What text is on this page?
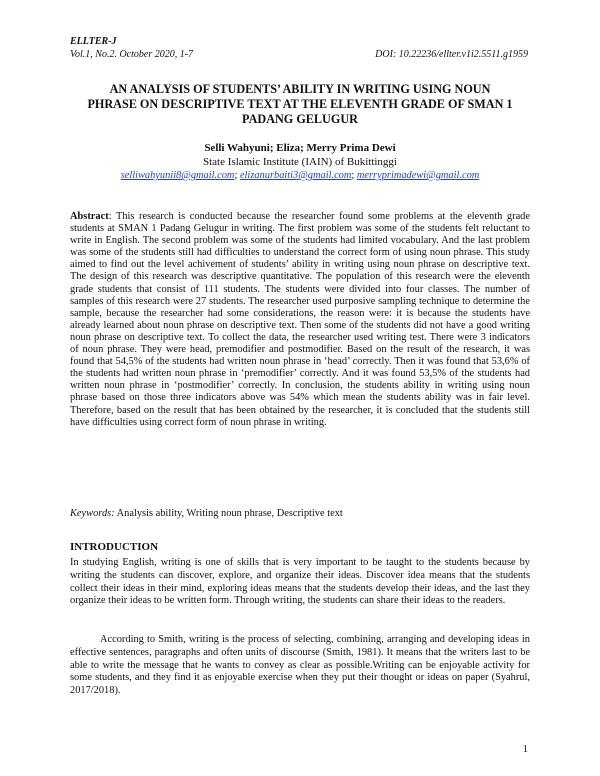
ELLTER-J
Vol.1, No.2. October 2020, 1-7	DOI: 10.22236/ellter.v1i2.5511.g1959
AN ANALYSIS OF STUDENTS’ ABILITY IN WRITING USING NOUN PHRASE ON DESCRIPTIVE TEXT AT THE ELEVENTH GRADE OF SMAN 1 PADANG GELUGUR
Selli Wahyuni; Eliza; Merry Prima Dewi
State Islamic Institute (IAIN) of Bukittinggi
selliwahyunii8@gmail.com; elizanurbaiti3@gmail.com; merryprimadewi@gmail.com

Abstract: This research is conducted because the researcher found some problems at the eleventh grade students at SMAN 1 Padang Gelugur in writing. The first problem was some of the students felt reluctant to write in English. The second problem was some of the students had limited vocabulary. And the last problem was some of the students still had difficulties to understand the correct form of using noun phrase. This study aimed to find out the level achivement of students’ ability in writing using noun phrase on descriptive text. The design of this research was descriptive quantitative. The population of this research were the eleventh grade students that consist of 111 students. The students were divided into four classes. The number of samples of this research were 27 students. The researcher used purposive sampling technique to determine the sample, because the researcher had some considerations, the reason were: it is because the students have already learned about noun phrase on descriptive text. Then some of the students did not have a good writing noun phrase on descriptive text. To collect the data, the researcher used writing test. There were 3 indicators of noun phrase. They were head, premodifier and postmodifier. Based on the result of the research, it was found that 54,5% of the students had written noun phrase in ‘head’ correctly. Then it was found that 53,6% of the students had written noun phrase in ‘premodifier’ correctly. And it was found 53,5% of the students had written noun phrase in ‘postmodifier’ correctly. In conclusion, the students ability in writing using noun phrase based on those three indicators above was 54% which mean the students ability was in fair level. Therefore, based on the result that has been obtained by the researcher, it is concluded that the students still have difficulties using correct form of noun phrase in writing.

Keywords: Analysis ability, Writing noun phrase, Descriptive text

INTRODUCTION

In studying English, writing is one of skills that is very important to be taught to the students because by writing the students can discover, explore, and organize their ideas. Discover idea means that the students collect their ideas in their mind, exploring ideas means that the students develop their ideas, and the last they organize their ideas to be written form. Through writing, the students can share their ideas to the readers.

According to Smith, writing is the process of selecting, combining, arranging and developing ideas in effective sentences, paragraphs and often units of discourse (Smith, 1981). It means that the writers last to be able to write the message that he wants to convey as clear as possible.Writing can be enjoyable activity for some students, and they find it as enjoyable exercise when they put their thought or ideas on paper (Syahrul, 2017/2018).

1
